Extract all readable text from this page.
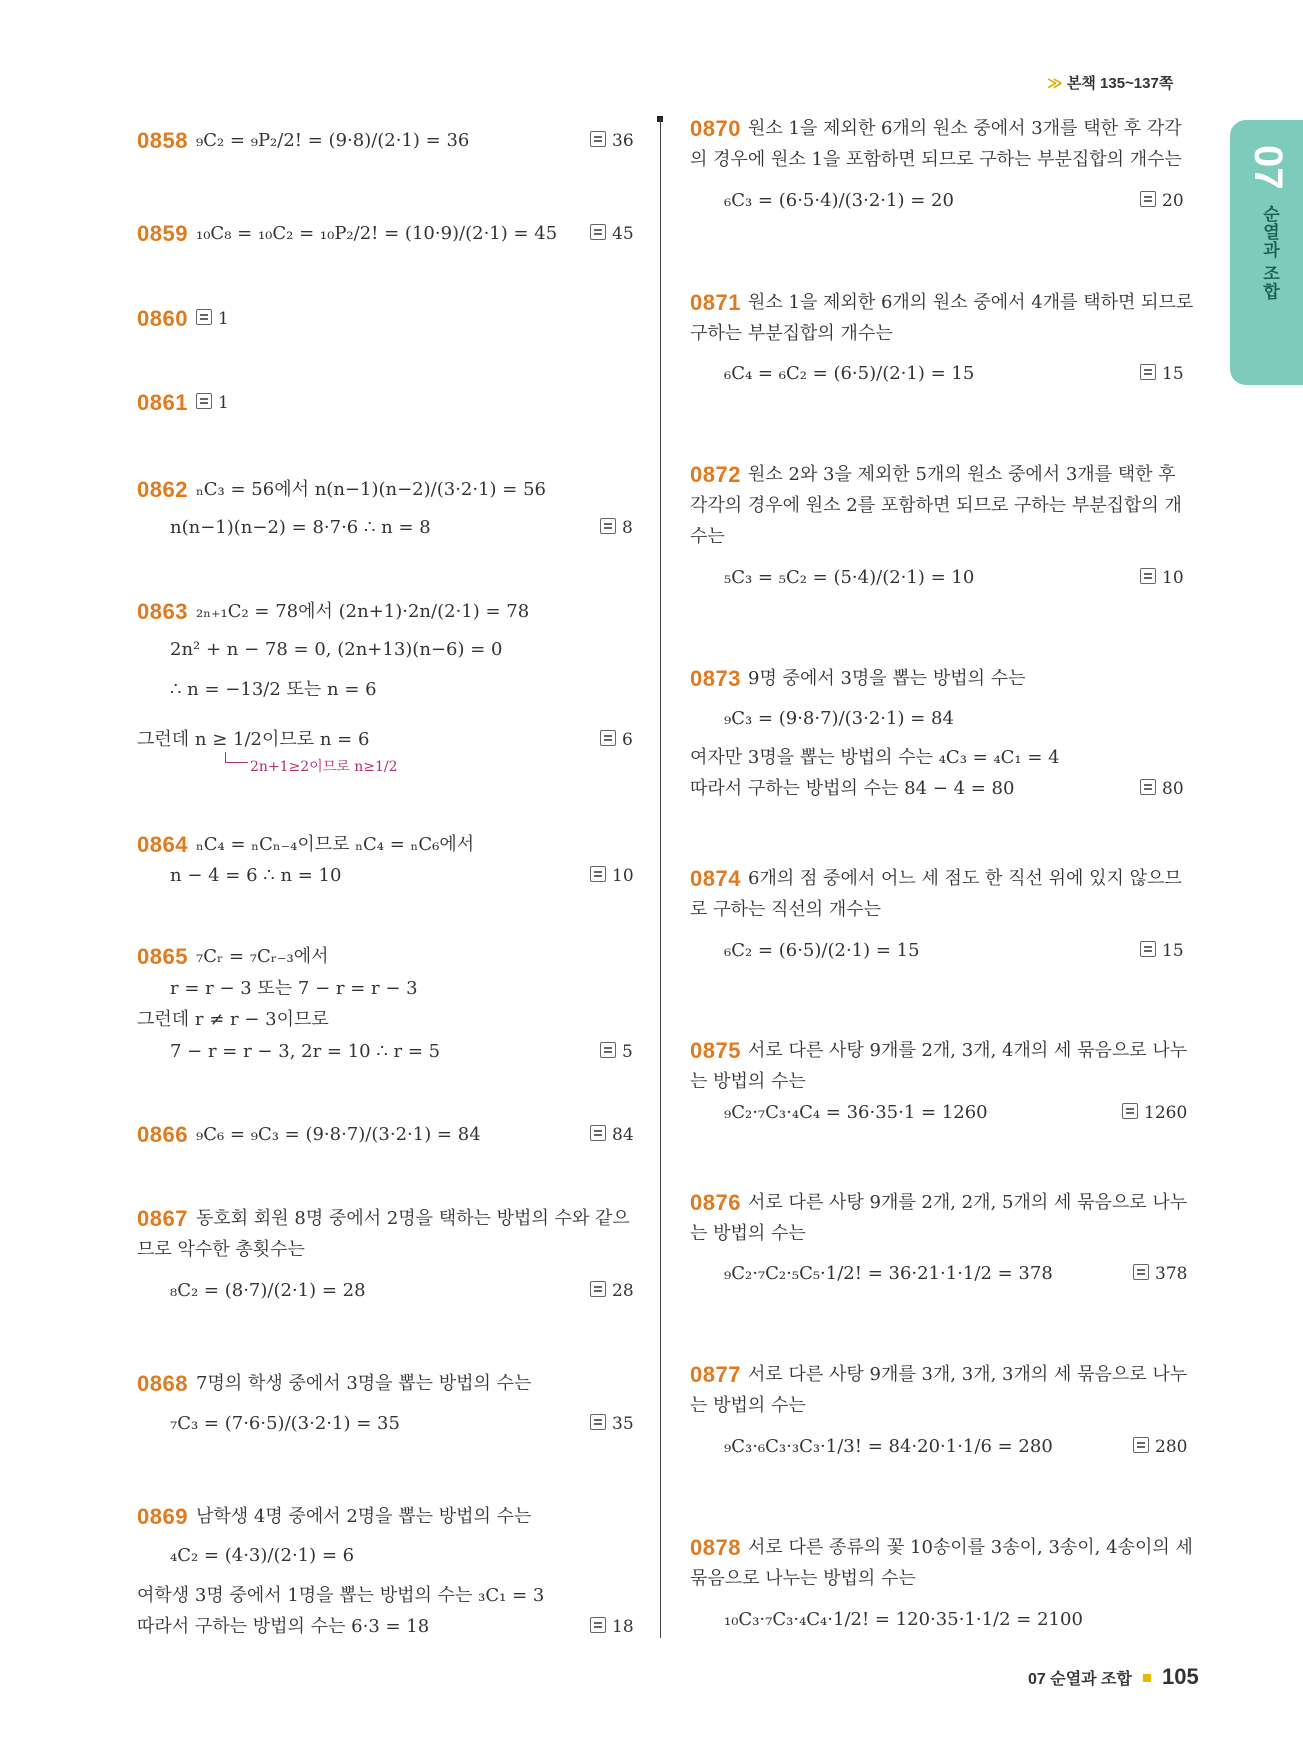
≫ 본책 135~137쪽
07
순열과 조합
0858 ₉C₂ = ₉P₂/2! = (9·8)/(2·1) = 36	36
0859 ₁₀C₈ = ₁₀C₂ = ₁₀P₂/2! = (10·9)/(2·1) = 45	45
0860	1
0861	1
0862 ₙC₃ = 56에서 n(n−1)(n−2)/(3·2·1) = 56
n(n−1)(n−2) = 8·7·6 ∴ n = 8	8
0863 ₂ₙ₊₁C₂ = 78에서 (2n+1)·2n/(2·1) = 78
2n² + n − 78 = 0, (2n+13)(n−6) = 0
∴ n = −13/2 또는 n = 6
그런데 n ≥ 1/2이므로 n = 6
2n+1≥2이므로 n≥1/2
6
0864 ₙC₄ = ₙCₙ₋₄이므로 ₙC₄ = ₙC₆에서
n − 4 = 6 ∴ n = 10	10
0865 ₇Cᵣ = ₇Cᵣ₋₃에서
r = r − 3 또는 7 − r = r − 3
그런데 r ≠ r − 3이므로
7 − r = r − 3, 2r = 10 ∴ r = 5	5
0866 ₉C₆ = ₉C₃ = (9·8·7)/(3·2·1) = 84	84
0867 동호회 회원 8명 중에서 2명을 택하는 방법의 수와 같으
므로 악수한 총횟수는
₈C₂ = (8·7)/(2·1) = 28	28
0868 7명의 학생 중에서 3명을 뽑는 방법의 수는
₇C₃ = (7·6·5)/(3·2·1) = 35	35
0869 남학생 4명 중에서 2명을 뽑는 방법의 수는
₄C₂ = (4·3)/(2·1) = 6
여학생 3명 중에서 1명을 뽑는 방법의 수는 ₃C₁ = 3
따라서 구하는 방법의 수는 6·3 = 18	18
0870 원소 1을 제외한 6개의 원소 중에서 3개를 택한 후 각각
의 경우에 원소 1을 포함하면 되므로 구하는 부분집합의 개수는
₆C₃ = (6·5·4)/(3·2·1) = 20	20
0871 원소 1을 제외한 6개의 원소 중에서 4개를 택하면 되므로
구하는 부분집합의 개수는
₆C₄ = ₆C₂ = (6·5)/(2·1) = 15	15
0872 원소 2와 3을 제외한 5개의 원소 중에서 3개를 택한 후
각각의 경우에 원소 2를 포함하면 되므로 구하는 부분집합의 개
수는
₅C₃ = ₅C₂ = (5·4)/(2·1) = 10	10
0873 9명 중에서 3명을 뽑는 방법의 수는
₉C₃ = (9·8·7)/(3·2·1) = 84
여자만 3명을 뽑는 방법의 수는 ₄C₃ = ₄C₁ = 4
따라서 구하는 방법의 수는 84 − 4 = 80	80
0874 6개의 점 중에서 어느 세 점도 한 직선 위에 있지 않으므
로 구하는 직선의 개수는
₆C₂ = (6·5)/(2·1) = 15	15
0875 서로 다른 사탕 9개를 2개, 3개, 4개의 세 묶음으로 나누
는 방법의 수는
₉C₂·₇C₃·₄C₄ = 36·35·1 = 1260	1260
0876 서로 다른 사탕 9개를 2개, 2개, 5개의 세 묶음으로 나누
는 방법의 수는
₉C₂·₇C₂·₅C₅·1/2! = 36·21·1·1/2 = 378	378
0877 서로 다른 사탕 9개를 3개, 3개, 3개의 세 묶음으로 나누
는 방법의 수는
₉C₃·₆C₃·₃C₃·1/3! = 84·20·1·1/6 = 280	280
0878 서로 다른 종류의 꽃 10송이를 3송이, 3송이, 4송이의 세
묶음으로 나누는 방법의 수는
₁₀C₃·₇C₃·₄C₄·1/2! = 120·35·1·1/2 = 2100
07 순열과 조합 105
